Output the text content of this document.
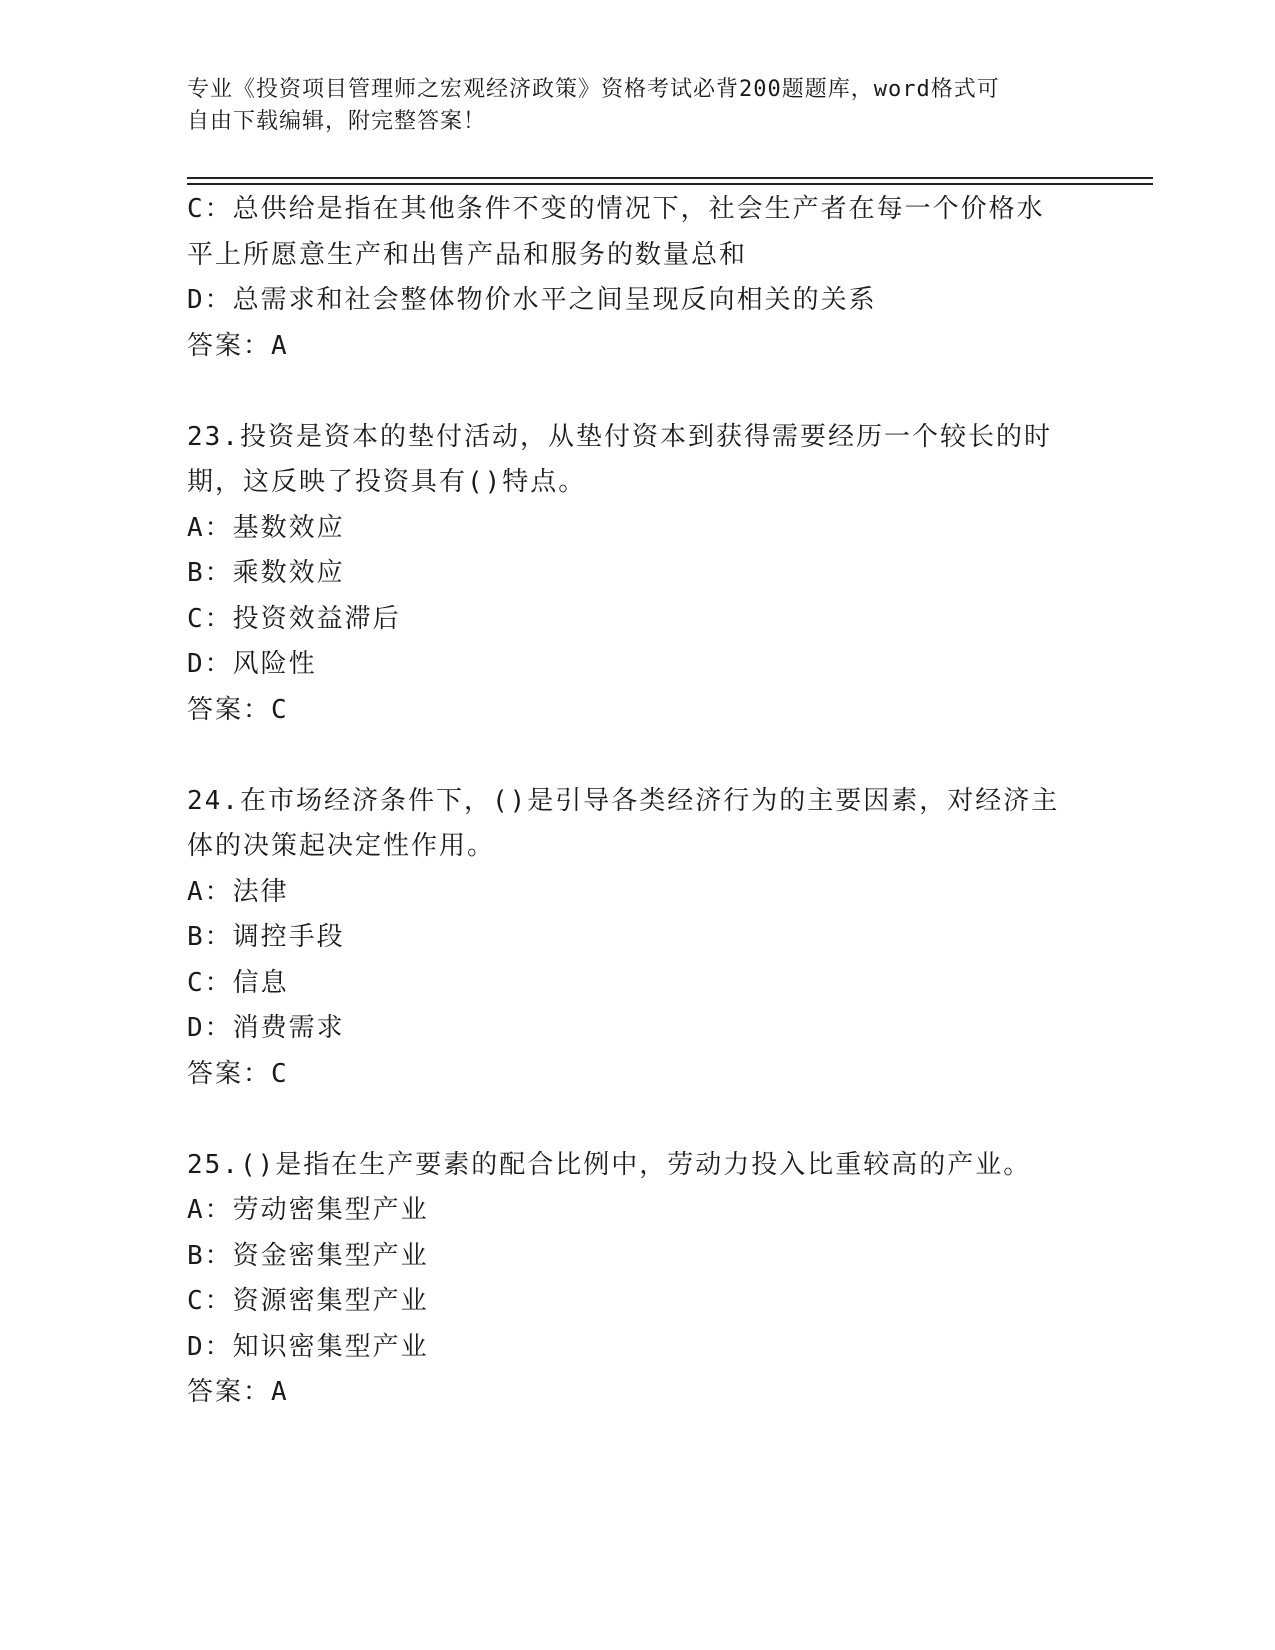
专业《投资项目管理师之宏观经济政策》资格考试必背200题题库，word格式可
自由下载编辑，附完整答案！
C：总供给是指在其他条件不变的情况下，社会生产者在每一个价格水
平上所愿意生产和出售产品和服务的数量总和
D：总需求和社会整体物价水平之间呈现反向相关的关系
答案：A
23.投资是资本的垫付活动，从垫付资本到获得需要经历一个较长的时
期，这反映了投资具有()特点。
A：基数效应
B：乘数效应
C：投资效益滞后
D：风险性
答案：C
24.在市场经济条件下，()是引导各类经济行为的主要因素，对经济主
体的决策起决定性作用。
A：法律
B：调控手段
C：信息
D：消费需求
答案：C
25.()是指在生产要素的配合比例中，劳动力投入比重较高的产业。
A：劳动密集型产业
B：资金密集型产业
C：资源密集型产业
D：知识密集型产业
答案：A
